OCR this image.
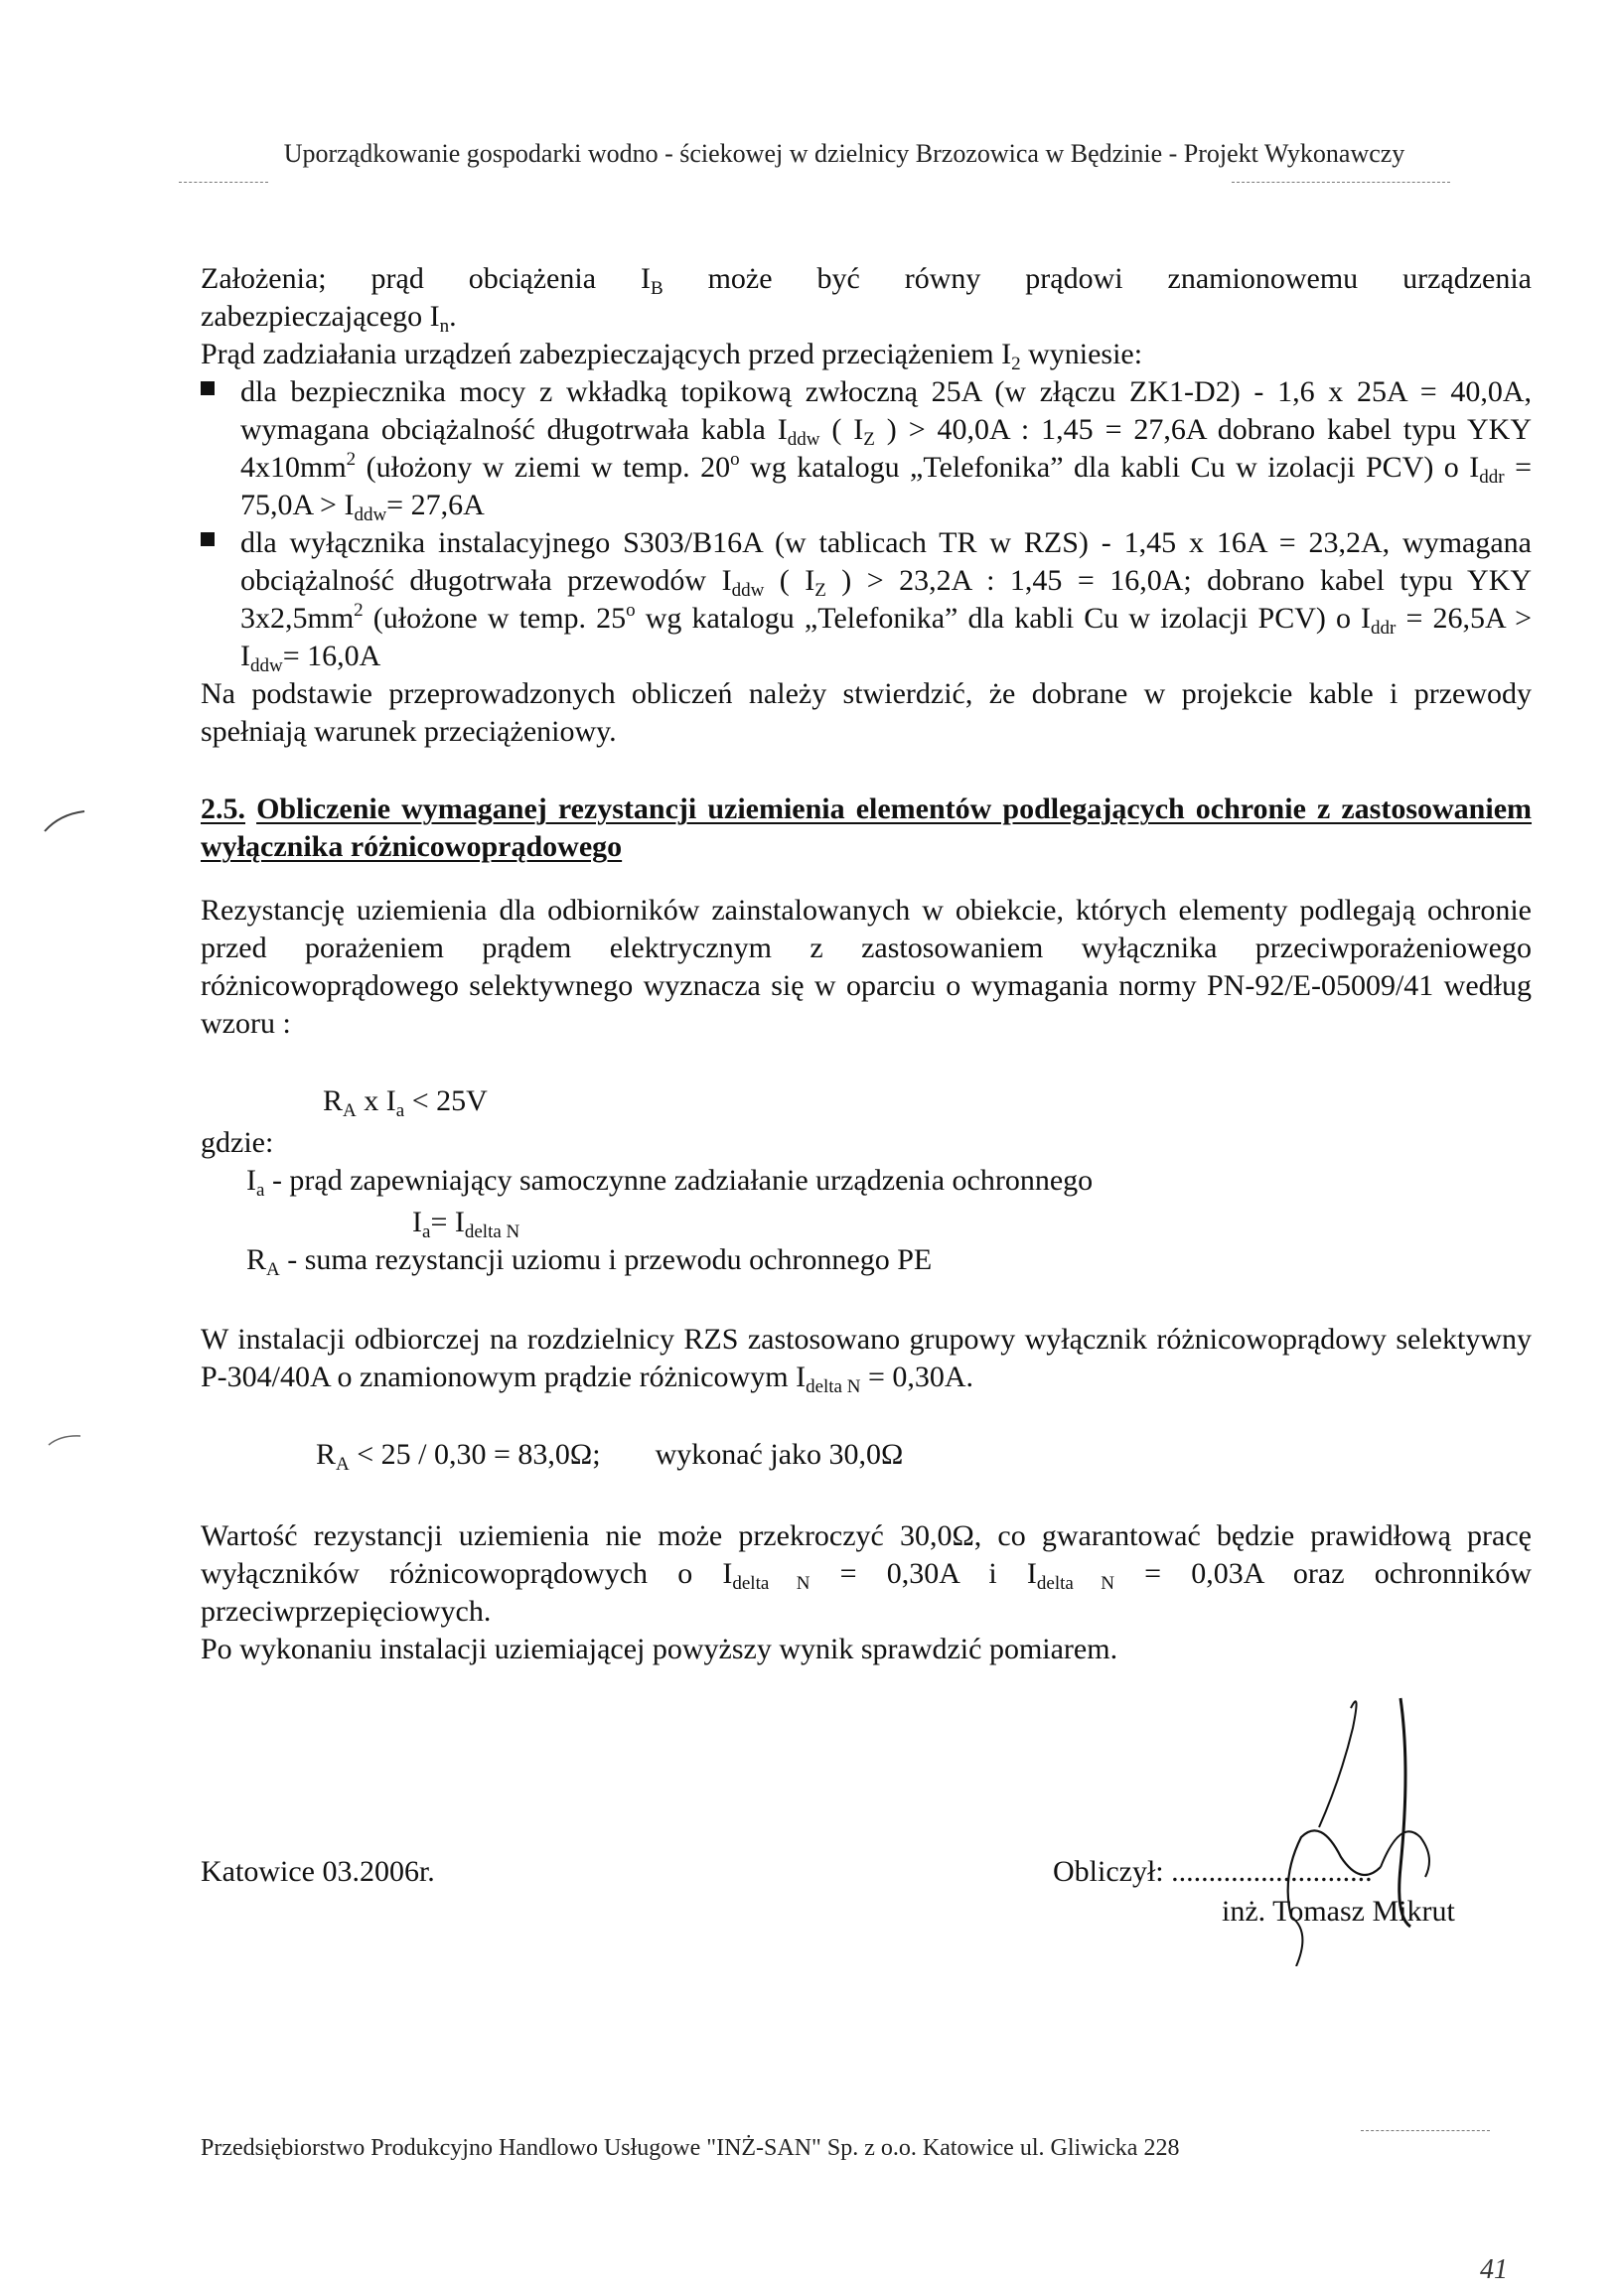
Uporządkowanie gospodarki wodno - ściekowej w dzielnicy Brzozowica w Będzinie - Projekt Wykonawczy

Założenia; prąd obciążenia $I_B$ może być równy prądowi znamionowemu urządzenia

zabezpieczającego $I_n$.

Prąd zadziałania urządzeń zabezpieczających przed przeciążeniem $I_2$ wyniesie:

dla bezpiecznika mocy z wkładką topikową zwłoczną 25A (w złączu ZK1-D2) - 1,6 x 25A = 40,0A, wymagana obciążalność długotrwała kabla $I_{ddw}$ ( $I_Z$ ) > 40,0A : 1,45 = 27,6A dobrano kabel typu YKY $4x10mm^2$ (ułożony w ziemi w temp. 20$^o$ wg katalogu „Telefonika” dla kabli Cu w izolacji PCV) o $I_{ddr} = 75,0A > I_{ddw}= 27,6A$
dla wyłącznika instalacyjnego S303/B16A (w tablicach TR w RZS) - 1,45 x 16A = 23,2A, wymagana obciążalność długotrwała przewodów $I_{ddw}$ ( $I_Z$ ) > 23,2A : 1,45 = 16,0A; dobrano kabel typu YKY $3x2,5mm^2$ (ułożone w temp. 25$^o$ wg katalogu „Telefonika” dla kabli Cu w izolacji PCV) o $I_{ddr} = 26,5A > I_{ddw}= 16,0A$

Na podstawie przeprowadzonych obliczeń należy stwierdzić, że dobrane w projekcie kable i przewody spełniają warunek przeciążeniowy.

2.5. Obliczenie wymaganej rezystancji uziemienia elementów podlegających ochronie z zastosowaniem wyłącznika różnicowoprądowego
Rezystancję uziemienia dla odbiorników zainstalowanych w obiekcie, których elementy podlegają ochronie przed porażeniem prądem elektrycznym z zastosowaniem wyłącznika przeciwporażeniowego różnicowoprądowego selektywnego wyznacza się w oparciu o wymagania normy PN-92/E-05009/41 według wzoru :
$R_A$ x $I_a < 25V$
gdzie:
$I_a$ - prąd zapewniający samoczynne zadziałanie urządzenia ochronnego
$I_a= I_{delta N}$
$R_A$ - suma rezystancji uziomu i przewodu ochronnego PE
W instalacji odbiorczej na rozdzielnicy RZS zastosowano grupowy wyłącznik różnicowoprądowy selektywny P-304/40A o znamionowym prądzie różnicowym $I_{delta N} = 0,30A$.
$R_A < 25 / 0,30 = 83,0\Omega$; wykonać jako 30,0Ω
Wartość rezystancji uziemienia nie może przekroczyć 30,0Ω, co gwarantować będzie prawidłową pracę wyłączników różnicowoprądowych o $I_{delta N} = 0,30A$ i $I_{delta N} = 0,03A$ oraz ochronników przeciwprzepięciowych.
Po wykonaniu instalacji uziemiającej powyższy wynik sprawdzić pomiarem.
Katowice 03.2006r.	Obliczył: ...........................
inż. Tomasz Mikrut
Przedsiębiorstwo Produkcyjno Handlowo Usługowe "INŻ-SAN" Sp. z o.o. Katowice ul. Gliwicka 228
41
